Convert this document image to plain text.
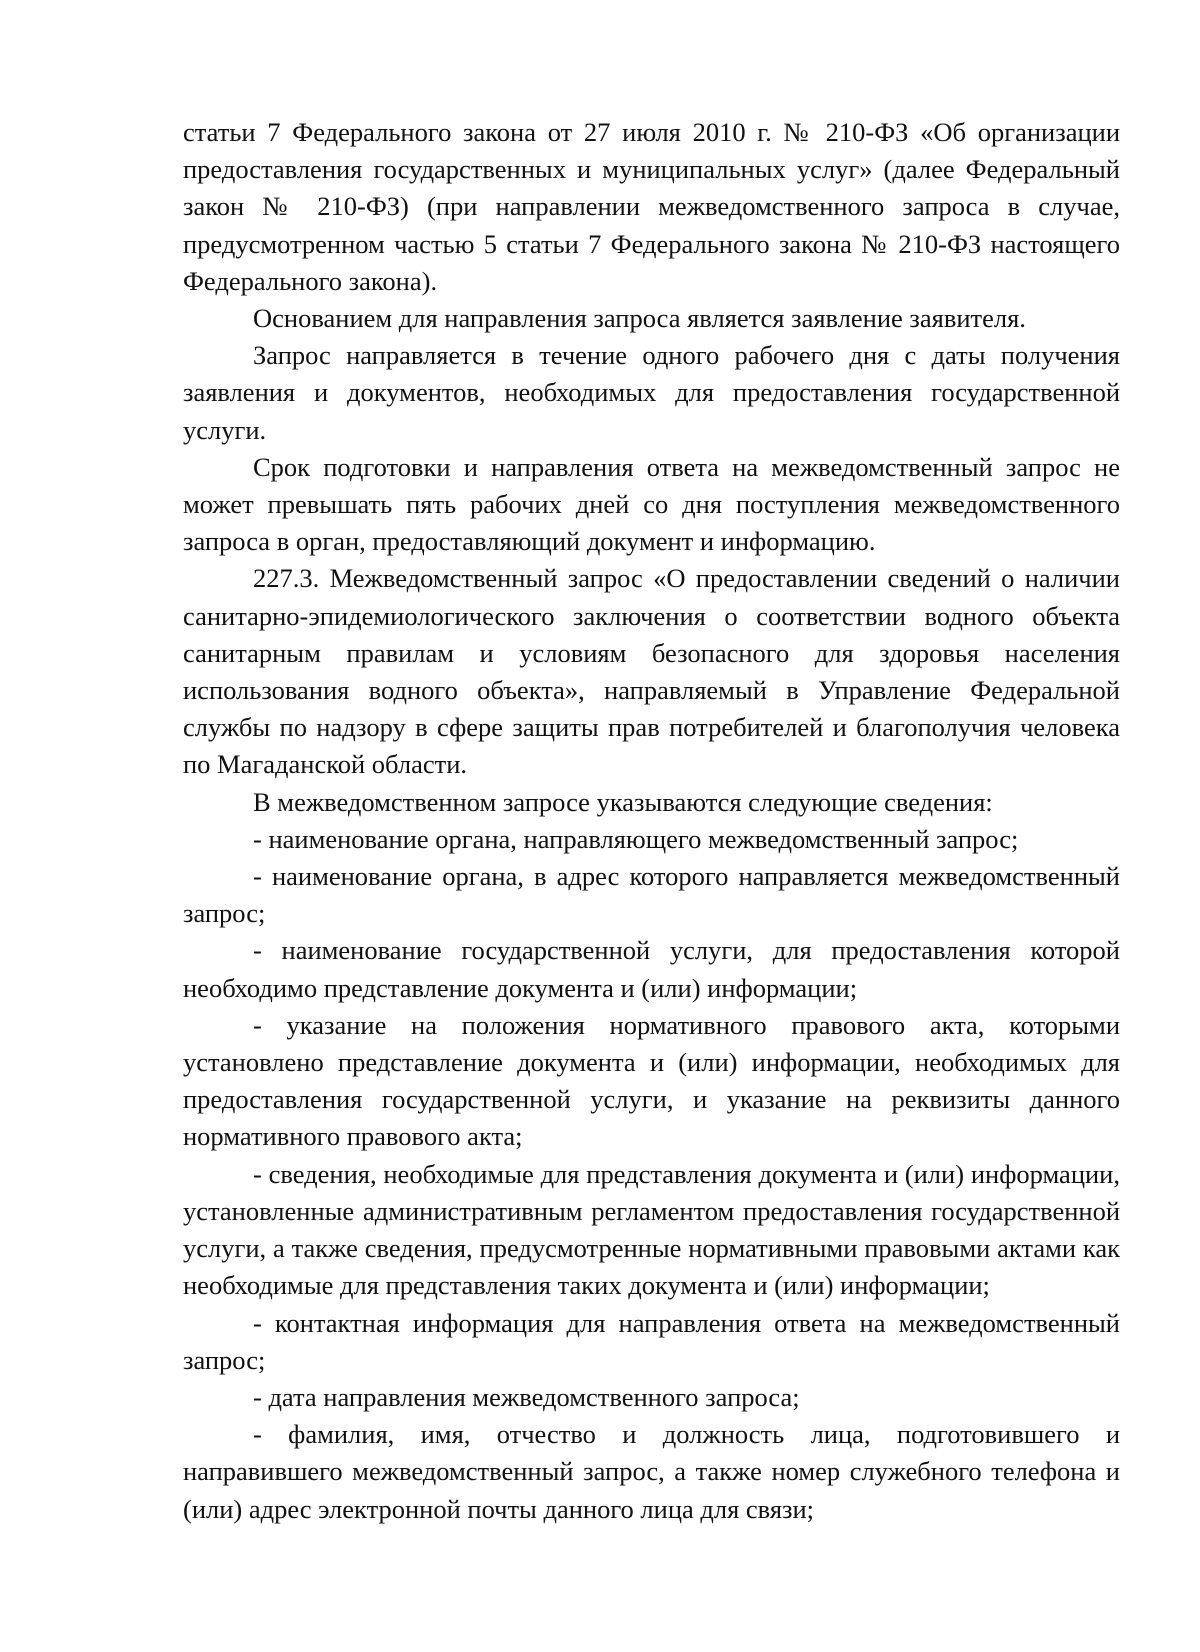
статьи 7 Федерального закона от 27 июля 2010 г. № 210-ФЗ «Об организации предоставления государственных и муниципальных услуг» (далее Федеральный закон № 210-ФЗ) (при направлении межведомственного запроса в случае, предусмотренном частью 5 статьи 7 Федерального закона № 210-ФЗ настоящего Федерального закона).

Основанием для направления запроса является заявление заявителя.

Запрос направляется в течение одного рабочего дня с даты получения заявления и документов, необходимых для предоставления государственной услуги.

Срок подготовки и направления ответа на межведомственный запрос не может превышать пять рабочих дней со дня поступления межведомственного запроса в орган, предоставляющий документ и информацию.

227.3. Межведомственный запрос «О предоставлении сведений о наличии санитарно-эпидемиологического заключения о соответствии водного объекта санитарным правилам и условиям безопасного для здоровья населения использования водного объекта», направляемый в Управление Федеральной службы по надзору в сфере защиты прав потребителей и благополучия человека по Магаданской области.

В межведомственном запросе указываются следующие сведения:

- наименование органа, направляющего межведомственный запрос;

- наименование органа, в адрес которого направляется межведомственный запрос;

- наименование государственной услуги, для предоставления которой необходимо представление документа и (или) информации;

- указание на положения нормативного правового акта, которыми установлено представление документа и (или) информации, необходимых для предоставления государственной услуги, и указание на реквизиты данного нормативного правового акта;

- сведения, необходимые для представления документа и (или) информации, установленные административным регламентом предоставления государственной услуги, а также сведения, предусмотренные нормативными правовыми актами как необходимые для представления таких документа и (или) информации;

- контактная информация для направления ответа на межведомственный запрос;

- дата направления межведомственного запроса;

- фамилия, имя, отчество и должность лица, подготовившего и направившего межведомственный запрос, а также номер служебного телефона и (или) адрес электронной почты данного лица для связи;
